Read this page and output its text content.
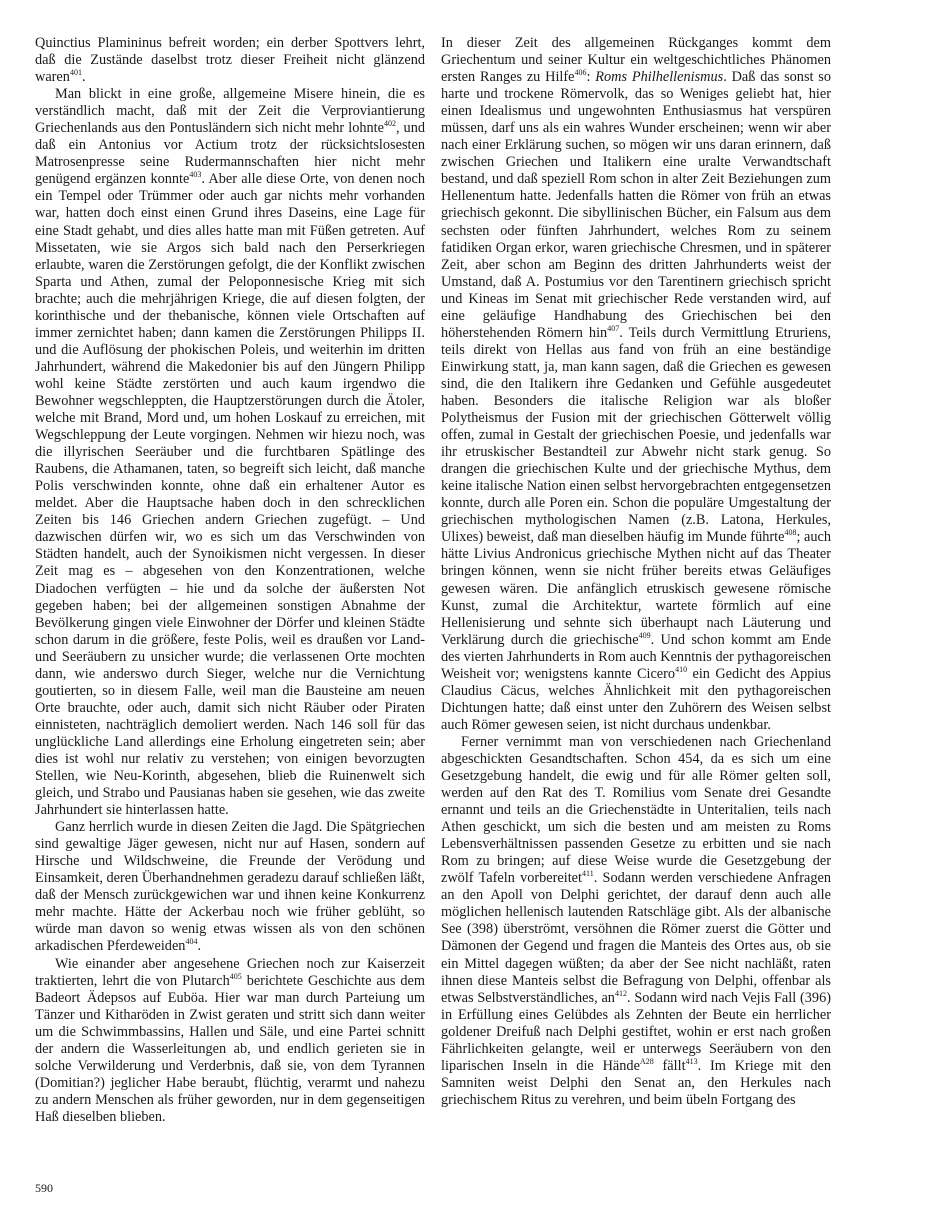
Quinctius Plamininus befreit worden; ein derber Spottvers lehrt, daß die Zustände daselbst trotz dieser Freiheit nicht glänzend waren$^{401}$.

Man blickt in eine große, allgemeine Misere hinein, die es verständlich macht, daß mit der Zeit die Verproviantierung Griechenlands aus den Pontusländern sich nicht mehr lohnte$^{402}$, und daß ein Antonius vor Actium trotz der rücksichtslosesten Matrosenpresse seine Rudermannschaften hier nicht mehr genügend ergänzen konnte$^{403}$. Aber alle diese Orte, von denen noch ein Tempel oder Trümmer oder auch gar nichts mehr vorhanden war, hatten doch einst einen Grund ihres Daseins, eine Lage für eine Stadt gehabt, und dies alles hatte man mit Füßen getreten. Auf Missetaten, wie sie Argos sich bald nach den Perserkriegen erlaubte, waren die Zerstörungen gefolgt, die der Konflikt zwischen Sparta und Athen, zumal der Peloponnesische Krieg mit sich brachte; auch die mehrjährigen Kriege, die auf diesen folgten, der korinthische und der thebanische, können viele Ortschaften auf immer zernichtet haben; dann kamen die Zerstörungen Philipps II. und die Auflösung der phokischen Poleis, und weiterhin im dritten Jahrhundert, während die Makedonier bis auf den Jüngern Philipp wohl keine Städte zerstörten und auch kaum irgendwo die Bewohner wegschleppten, die Hauptzerstörungen durch die Ätoler, welche mit Brand, Mord und, um hohen Loskauf zu erreichen, mit Wegschleppung der Leute vorgingen. Nehmen wir hiezu noch, was die illyrischen Seeräuber und die furchtbaren Spätlinge des Raubens, die Athamanen, taten, so begreift sich leicht, daß manche Polis verschwinden konnte, ohne daß ein erhaltener Autor es meldet. Aber die Hauptsache haben doch in den schrecklichen Zeiten bis 146 Griechen andern Griechen zugefügt. – Und dazwischen dürfen wir, wo es sich um das Verschwinden von Städten handelt, auch der Synoikismen nicht vergessen. In dieser Zeit mag es – abgesehen von den Konzentrationen, welche Diadochen verfügten – hie und da solche der äußersten Not gegeben haben; bei der allgemeinen sonstigen Abnahme der Bevölkerung gingen viele Einwohner der Dörfer und kleinen Städte schon darum in die größere, feste Polis, weil es draußen vor Land- und Seeräubern zu unsicher wurde; die verlassenen Orte mochten dann, wie anderswo durch Sieger, welche nur die Vernichtung goutierten, so in diesem Falle, weil man die Bausteine am neuen Orte brauchte, oder auch, damit sich nicht Räuber oder Piraten einnisteten, nachträglich demoliert werden. Nach 146 soll für das unglückliche Land allerdings eine Erholung eingetreten sein; aber dies ist wohl nur relativ zu verstehen; von einigen bevorzugten Stellen, wie Neu-Korinth, abgesehen, blieb die Ruinenwelt sich gleich, und Strabo und Pausianas haben sie gesehen, wie das zweite Jahrhundert sie hinterlassen hatte.

Ganz herrlich wurde in diesen Zeiten die Jagd. Die Spätgriechen sind gewaltige Jäger gewesen, nicht nur auf Hasen, sondern auf Hirsche und Wildschweine, die Freunde der Verödung und Einsamkeit, deren Überhandnehmen geradezu darauf schließen läßt, daß der Mensch zurückgewichen war und ihnen keine Konkurrenz mehr machte. Hätte der Ackerbau noch wie früher geblüht, so würde man davon so wenig etwas wissen als von den schönen arkadischen Pferdeweiden$^{404}$.

Wie einander aber angesehene Griechen noch zur Kaiserzeit traktierten, lehrt die von Plutarch$^{405}$ berichtete Geschichte aus dem Badeort Ädepsos auf Euböa. Hier war man durch Parteiung um Tänzer und Kitharöden in Zwist geraten und stritt sich dann weiter um die Schwimmbassins, Hallen und Säle, und eine Partei schnitt der andern die Wasserleitungen ab, und endlich gerieten sie in solche Verwilderung und Verderbnis, daß sie, von dem Tyrannen (Domitian?) jeglicher Habe beraubt, flüchtig, verarmt und nahezu zu andern Menschen als früher geworden, nur in dem gegenseitigen Haß dieselben blieben.

In dieser Zeit des allgemeinen Rückganges kommt dem Griechentum und seiner Kultur ein weltgeschichtliches Phänomen ersten Ranges zu Hilfe$^{406}$: Roms Philhellenismus. Daß das sonst so harte und trockene Römervolk, das so Weniges geliebt hat, hier einen Idealismus und ungewohnten Enthusiasmus hat verspüren müssen, darf uns als ein wahres Wunder erscheinen; wenn wir aber nach einer Erklärung suchen, so mögen wir uns daran erinnern, daß zwischen Griechen und Italikern eine uralte Verwandtschaft bestand, und daß speziell Rom schon in alter Zeit Beziehungen zum Hellenentum hatte. Jedenfalls hatten die Römer von früh an etwas griechisch gekonnt. Die sibyllinischen Bücher, ein Falsum aus dem sechsten oder fünften Jahrhundert, welches Rom zu seinem fatidiken Organ erkor, waren griechische Chresmen, und in späterer Zeit, aber schon am Beginn des dritten Jahrhunderts weist der Umstand, daß A. Postumius vor den Tarentinern griechisch spricht und Kineas im Senat mit griechischer Rede verstanden wird, auf eine geläufige Handhabung des Griechischen bei den höherstehenden Römern hin$^{407}$. Teils durch Vermittlung Etruriens, teils direkt von Hellas aus fand von früh an eine beständige Einwirkung statt, ja, man kann sagen, daß die Griechen es gewesen sind, die den Italikern ihre Gedanken und Gefühle ausgedeutet haben. Besonders die italische Religion war als bloßer Polytheismus der Fusion mit der griechischen Götterwelt völlig offen, zumal in Gestalt der griechischen Poesie, und jedenfalls war ihr etruskischer Bestandteil zur Abwehr nicht stark genug. So drangen die griechischen Kulte und der griechische Mythus, dem keine italische Nation einen selbst hervorgebrachten entgegensetzen konnte, durch alle Poren ein. Schon die populäre Umgestaltung der griechischen mythologischen Namen (z.B. Latona, Herkules, Ulixes) beweist, daß man dieselben häufig im Munde führte$^{408}$; auch hätte Livius Andronicus griechische Mythen nicht auf das Theater bringen können, wenn sie nicht früher bereits etwas Geläufiges gewesen wären. Die anfänglich etruskisch gewesene römische Kunst, zumal die Architektur, wartete förmlich auf eine Hellenisierung und sehnte sich überhaupt nach Läuterung und Verklärung durch die griechische$^{409}$. Und schon kommt am Ende des vierten Jahrhunderts in Rom auch Kenntnis der pythagoreischen Weisheit vor; wenigstens kannte Cicero$^{410}$ ein Gedicht des Appius Claudius Cäcus, welches Ähnlichkeit mit den pythagoreischen Dichtungen hatte; daß einst unter den Zuhörern des Weisen selbst auch Römer gewesen seien, ist nicht durchaus undenkbar.

Ferner vernimmt man von verschiedenen nach Griechenland abgeschickten Gesandtschaften. Schon 454, da es sich um eine Gesetzgebung handelt, die ewig und für alle Römer gelten soll, werden auf den Rat des T. Romilius vom Senate drei Gesandte ernannt und teils an die Griechenstädte in Unteritalien, teils nach Athen geschickt, um sich die besten und am meisten zu Roms Lebensverhältnissen passenden Gesetze zu erbitten und sie nach Rom zu bringen; auf diese Weise wurde die Gesetzgebung der zwölf Tafeln vorbereitet$^{411}$. Sodann werden verschiedene Anfragen an den Apoll von Delphi gerichtet, der darauf denn auch alle möglichen hellenisch lautenden Ratschläge gibt. Als der albanische See (398) überströmt, versöhnen die Römer zuerst die Götter und Dämonen der Gegend und fragen die Manteis des Ortes aus, ob sie ein Mittel dagegen wüßten; da aber der See nicht nachläßt, raten ihnen diese Manteis selbst die Befragung von Delphi, offenbar als etwas Selbstverständliches, $an^{412}$. Sodann wird nach Vejis Fall (396) in Erfüllung eines Gelübdes als Zehnten der Beute ein herrlicher goldener Dreifuß nach Delphi gestiftet, wohin er erst nach großen Fährlichkeiten gelangte, weil er unterwegs Seeräubern von den liparischen Inseln in die Hände$^{A28}$ fällt$^{413}$. Im Kriege mit den Samniten weist Delphi den Senat an, den Herkules nach griechischem Ritus zu verehren, und beim übeln Fortgang des

590
